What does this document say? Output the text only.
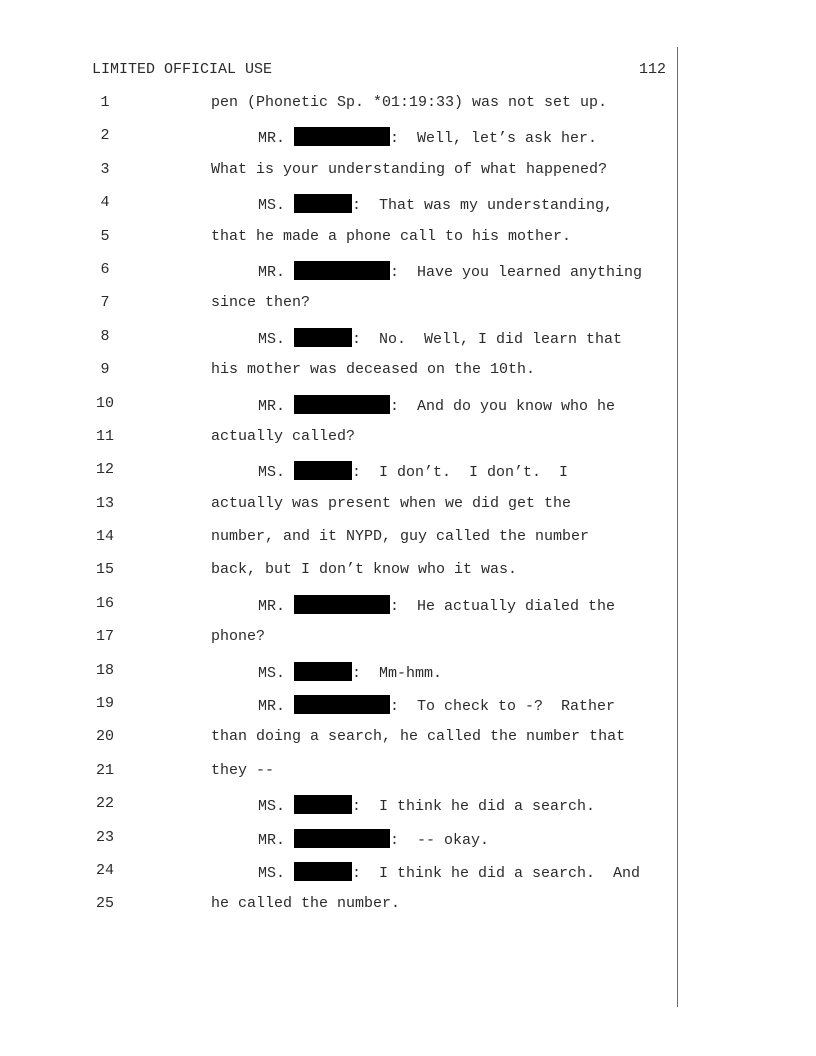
LIMITED OFFICIAL USE	112

1

	pen (Phonetic Sp. *01:19:33) was not set up.

2

	MR.	:  Well, let’s ask her.

3

	What is your understanding of what happened?

4

	MS.	:  That was my understanding,

5

	that he made a phone call to his mother.

6

	MR.	:  Have you learned anything

7

	since then?

8

	MS.	:  No.  Well, I did learn that

9

	his mother was deceased on the 10th.

10

	MR.	:  And do you know who he

11

	actually called?

12

	MS.	:  I don’t.  I don’t.  I

13

	actually was present when we did get the

14

	number, and it NYPD, guy called the number

15

	back, but I don’t know who it was.

16

	MR.	:  He actually dialed the

17

	phone?

18

	MS.	:  Mm-hmm.

19

	MR.	:  To check to -?  Rather

20

	than doing a search, he called the number that

21

	they --

22

	MS.	:  I think he did a search.

23

	MR.	:  -- okay.

24

	MS.	:  I think he did a search.  And

25

	he called the number.
